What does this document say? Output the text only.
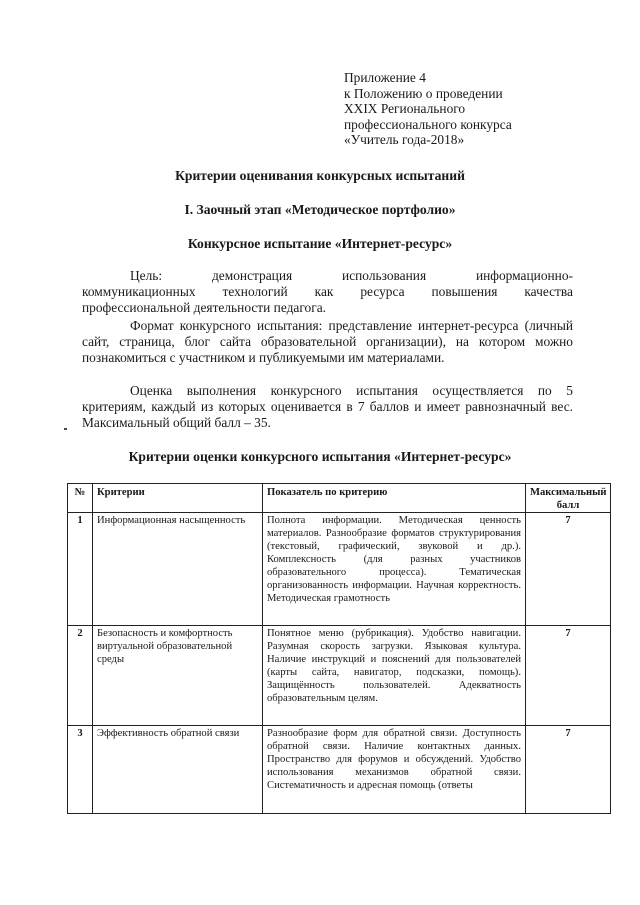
Приложение 4
к Положению о проведении
XXIX Регионального
профессионального конкурса
«Учитель года-2018»
Критерии оценивания конкурсных испытаний
I. Заочный этап «Методическое портфолио»
Конкурсное испытание «Интернет-ресурс»
Цель: демонстрация использования информационно-
коммуникационных технологий как ресурса повышения качества
профессиональной деятельности педагога.
Формат конкурсного испытания: представление интернет-ресурса (личный сайт, страница, блог сайта образовательной организации), на котором можно познакомиться с участником и публикуемыми им материалами.
Оценка выполнения конкурсного испытания осуществляется по 5 критериям, каждый из которых оценивается в 7 баллов и имеет равнозначный вес. Максимальный общий балл – 35.
Критерии оценки конкурсного испытания «Интернет-ресурс»
№	Критерии	Показатель по критерию	Максимальный балл
1	Информационная насыщенность	Полнота информации. Методическая ценность материалов. Разнообразие форматов структурирования (текстовый, графический, звуковой и др.). Комплексность (для разных участников образовательного процесса). Тематическая организованность информации. Научная корректность. Методическая грамотность	7
2	Безопасность и комфортность виртуальной образовательной среды	Понятное меню (рубрикация). Удобство навигации. Разумная скорость загрузки. Языковая культура. Наличие инструкций и пояснений для пользователей (карты сайта, навигатор, подсказки, помощь). Защищённость пользователей. Адекватность образовательным целям.	7
3	Эффективность обратной связи	Разнообразие форм для обратной связи. Доступность обратной связи. Наличие контактных данных. Пространство для форумов и обсуждений. Удобство использования механизмов обратной связи. Систематичность и адресная помощь (ответы	7
